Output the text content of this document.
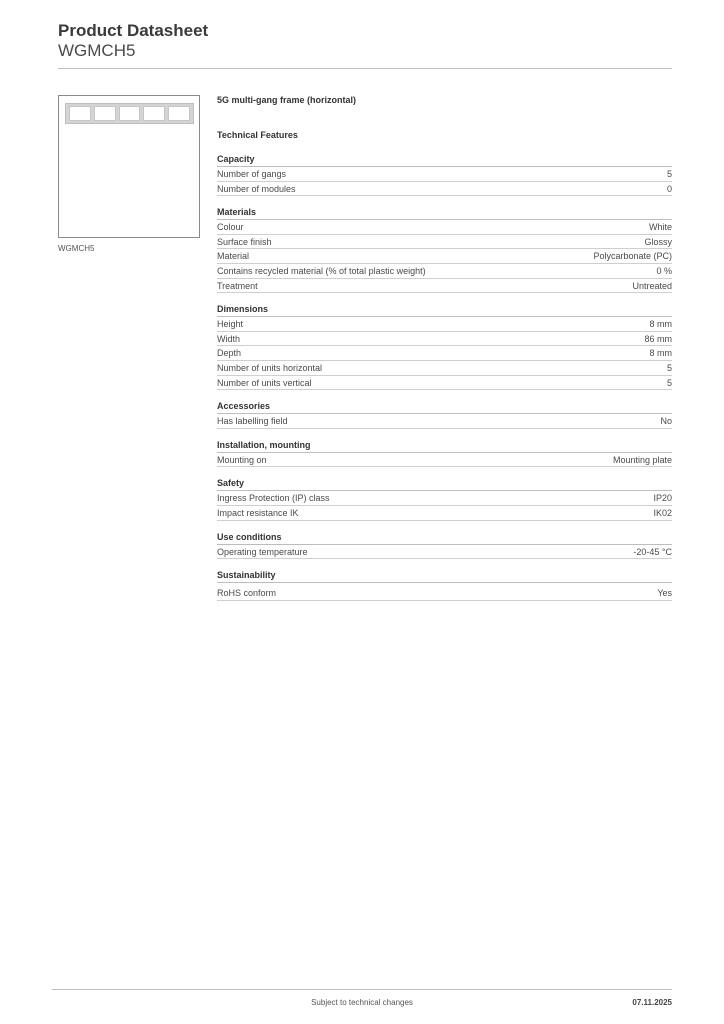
Product Datasheet
WGMCH5
WGMCH5
5G multi-gang frame (horizontal)
Technical Features
Capacity
Number of gangs	5
Number of modules	0
Materials
Colour	White
Surface finish	Glossy
Material	Polycarbonate (PC)
Contains recycled material (% of total plastic weight)	0 %
Treatment	Untreated
Dimensions
Height	8 mm
Width	86 mm
Depth	8 mm
Number of units horizontal	5
Number of units vertical	5
Accessories
Has labelling field	No
Installation, mounting
Mounting on	Mounting plate
Safety
Ingress Protection (IP) class	IP20
Impact resistance IK	IK02
Use conditions
Operating temperature	-20-45 °C
Sustainability
RoHS conform	Yes
Subject to technical changes	07.11.2025
